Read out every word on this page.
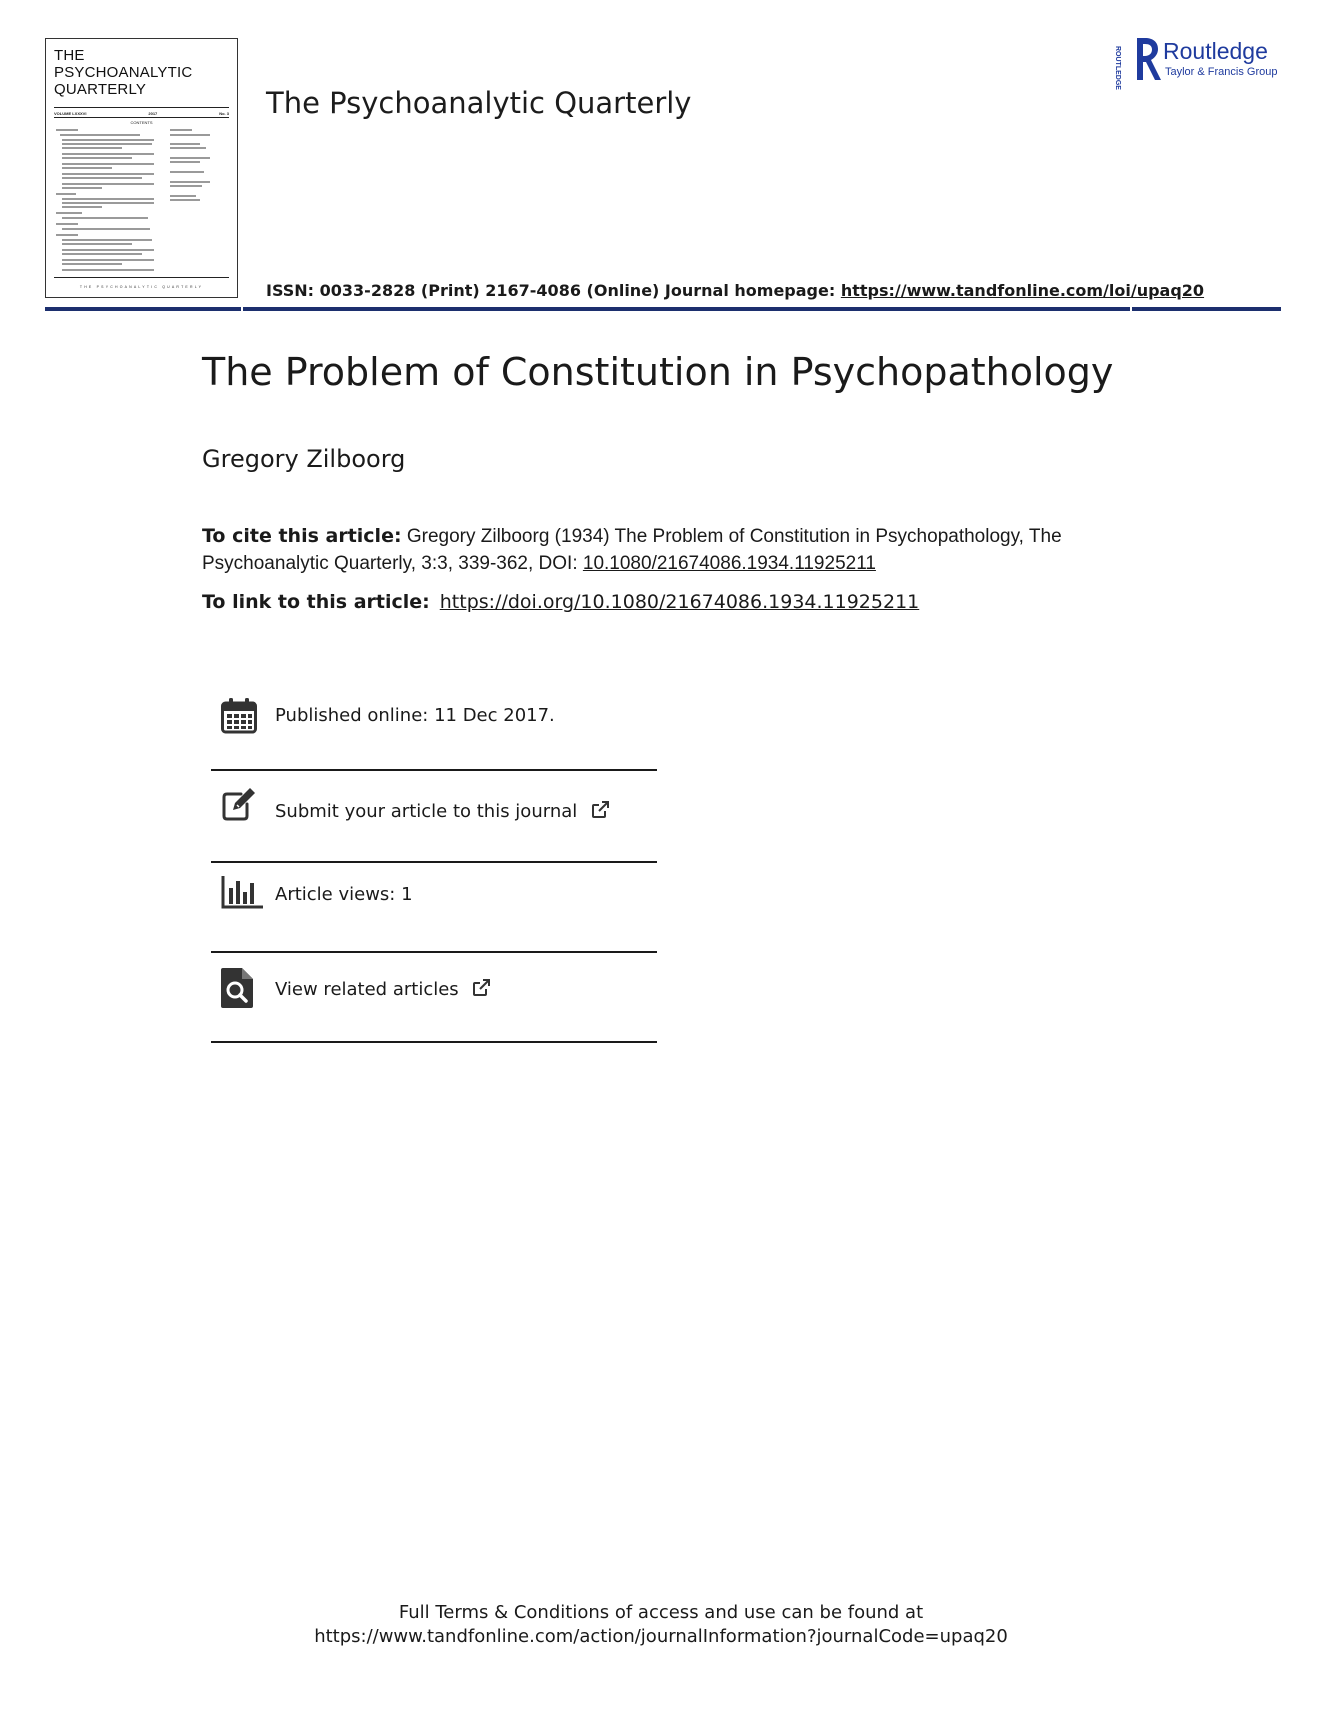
THE
PSYCHOANALYTIC
QUARTERLY
VOLUME LXXXVI	2017	No. 3
CONTENTS
THE PSYCHOANALYTIC QUARTERLY
The Psychoanalytic Quarterly
ROUTLEDGE Routledge
Taylor & Francis Group
ISSN: 0033-2828 (Print) 2167-4086 (Online) Journal homepage: https://www.tandfonline.com/loi/upaq20
The Problem of Constitution in Psychopathology
Gregory Zilboorg
To cite this article: Gregory Zilboorg (1934) The Problem of Constitution in Psychopathology, The Psychoanalytic Quarterly, 3:3, 339-362, DOI: 10.1080/21674086.1934.11925211
To link to this article: https://doi.org/10.1080/21674086.1934.11925211
Published online: 11 Dec 2017.
Submit your article to this journal
Article views: 1
View related articles
Full Terms & Conditions of access and use can be found at
https://www.tandfonline.com/action/journalInformation?journalCode=upaq20
